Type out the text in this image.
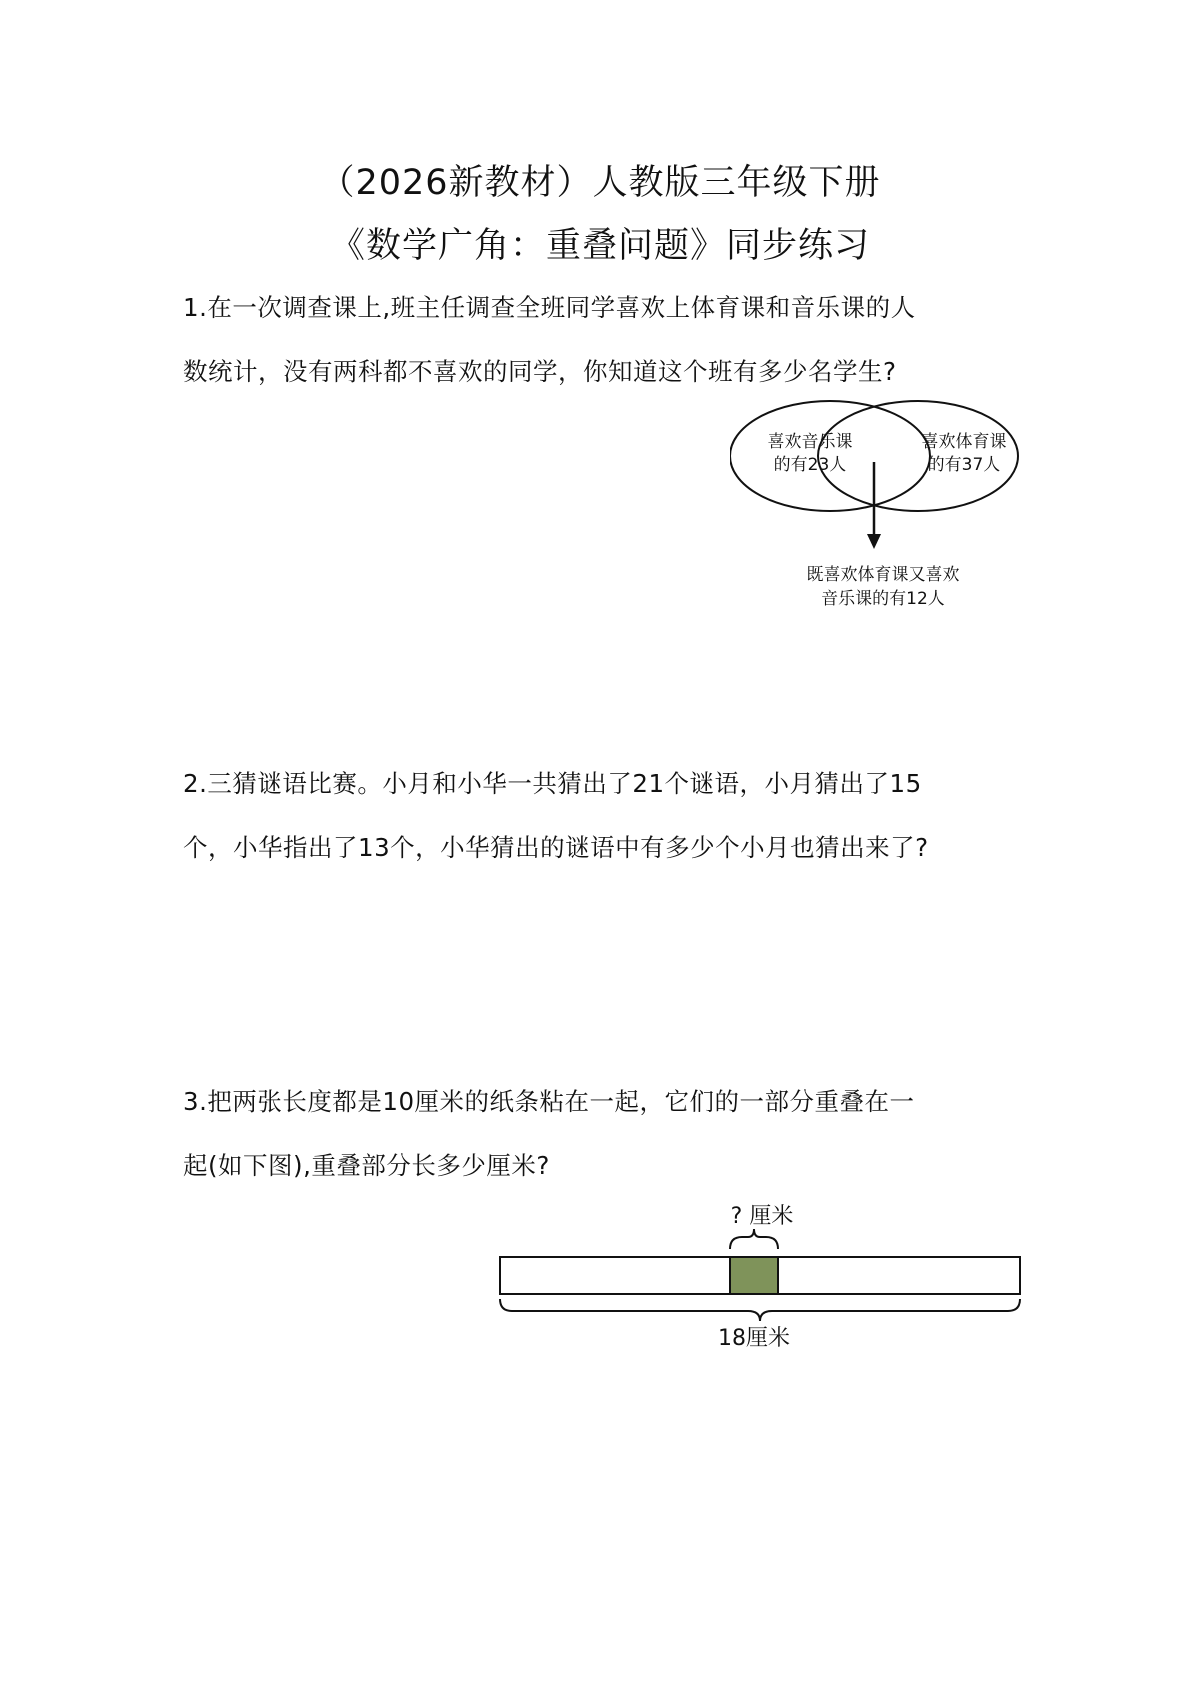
（2026新教材）人教版三年级下册
《数学广角：重叠问题》同步练习

1.在一次调查课上,班主任调查全班同学喜欢上体育课和音乐课的人

数统计，没有两科都不喜欢的同学，你知道这个班有多少名学生?

喜欢音乐课
的有23人
喜欢体育课
的有37人
既喜欢体育课又喜欢
音乐课的有12人

2.三猜谜语比赛。小月和小华一共猜出了21个谜语，小月猜出了15

个，小华指出了13个，小华猜出的谜语中有多少个小月也猜出来了?

3.把两张长度都是10厘米的纸条粘在一起，它们的一部分重叠在一

起(如下图),重叠部分长多少厘米?

? 厘米
18厘米
